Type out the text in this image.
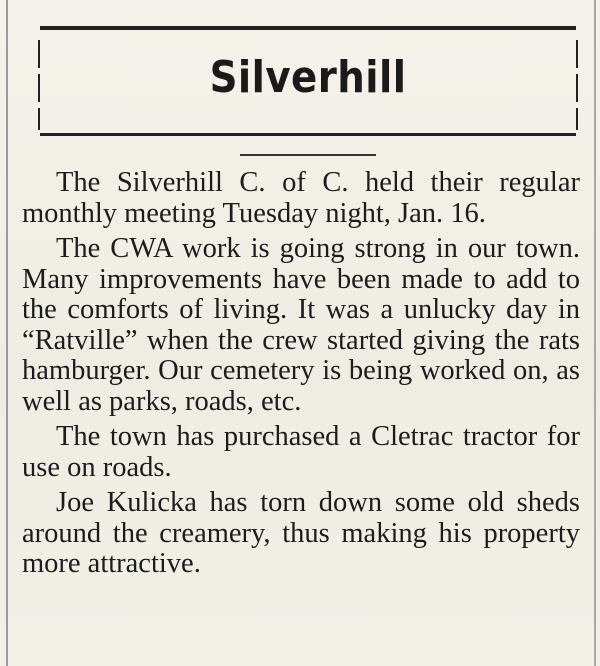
Silverhill

The Silverhill C. of C. held their regular monthly meeting Tuesday night, Jan. 16.

The CWA work is going strong in our town. Many improvements have been made to add to the comforts of living. It was a unlucky day in “Ratville” when the crew started giving the rats hamburger. Our cemetery is being worked on, as well as parks, roads, etc.

The town has purchased a Cletrac tractor for use on roads.

Joe Kulicka has torn down some old sheds around the creamery, thus making his property more attractive.
